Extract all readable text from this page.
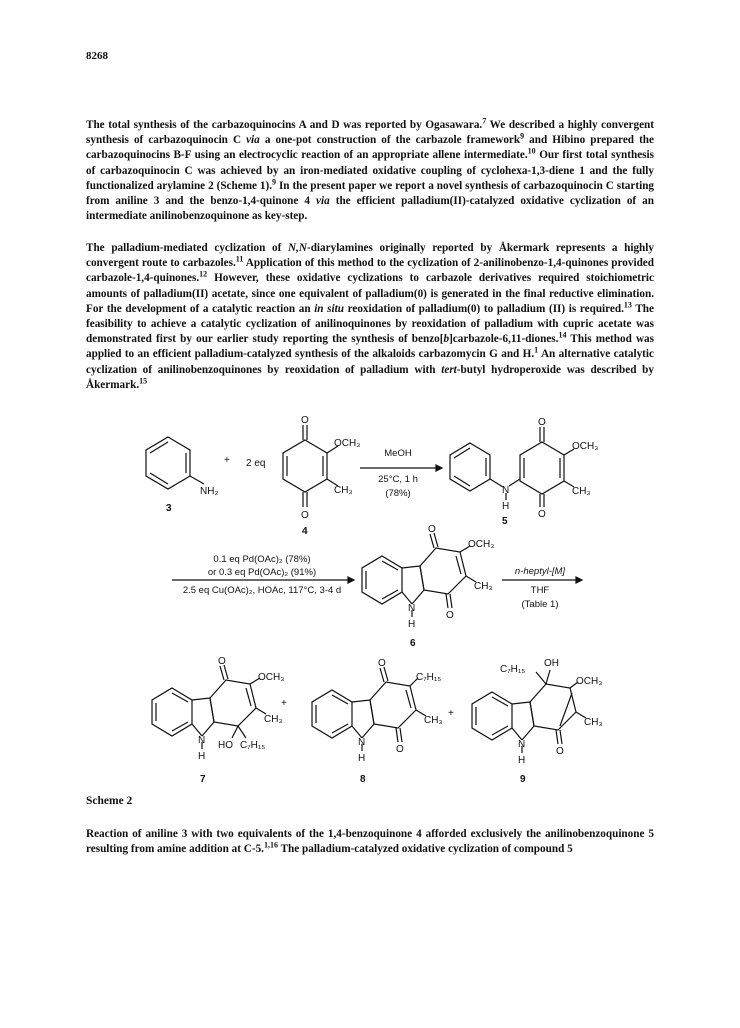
8268
The total synthesis of the carbazoquinocins A and D was reported by Ogasawara.$^7$ We described a highly convergent synthesis of carbazoquinocin C via a one-pot construction of the carbazole framework$^9$ and Hibino prepared the carbazoquinocins B-F using an electrocyclic reaction of an appropriate allene intermediate.$^{10}$ Our first total synthesis of carbazoquinocin C was achieved by an iron-mediated oxidative coupling of cyclohexa-1,3-diene 1 and the fully functionalized arylamine 2 (Scheme 1).$^9$ In the present paper we report a novel synthesis of carbazoquinocin C starting from aniline 3 and the benzo-1,4-quinone 4 via the efficient palladium(II)-catalyzed oxidative cyclization of an intermediate anilinobenzoquinone as key-step.
The palladium-mediated cyclization of N,N-diarylamines originally reported by Åkermark represents a highly convergent route to carbazoles.$^{11}$ Application of this method to the cyclization of 2-anilinobenzo-1,4-quinones provided carbazole-1,4-quinones.$^{12}$ However, these oxidative cyclizations to carbazole derivatives required stoichiometric amounts of palladium(II) acetate, since one equivalent of palladium(0) is generated in the final reductive elimination. For the development of a catalytic reaction an in situ reoxidation of palladium(0) to palladium (II) is required.$^{13}$ The feasibility to achieve a catalytic cyclization of anilinoquinones by reoxidation of palladium with cupric acetate was demonstrated first by our earlier study reporting the synthesis of benzo[b]carbazole-6,11-diones.$^{14}$ This method was applied to an efficient palladium-catalyzed synthesis of the alkaloids carbazomycin G and H.$^1$ An alternative catalytic cyclization of anilinobenzoquinones by reoxidation of palladium with tert-butyl hydroperoxide was described by Åkermark.$^{15}$
NH₂
+ 2 eq
3
O
O
OCH₃
CH₃
4
MeOH
25°C, 1 h
(78%)
O
O
N
H
OCH₃
CH₃
5
0.1 eq Pd(OAc)₂ (78%)
or 0.3 eq Pd(OAc)₂ (91%)
2.5 eq Cu(OAc)₂, HOAc, 117°C, 3-4 d
O
O
OCH₃
CH₃
N
H
6
n-heptyl-[M]
THF
(Table 1)
O
OCH₃
CH₃
HO C₇H₁₅
N
H
+
7
O
O
C₇H₁₅
CH₃
N
H
+
8
C₇H₁₅
OH
OCH₃
CH₃
O
N
H
9
Scheme 2
Reaction of aniline 3 with two equivalents of the 1,4-benzoquinone 4 afforded exclusively the anilinobenzoquinone 5 resulting from amine addition at C-5.$^{1,16}$ The palladium-catalyzed oxidative cyclization of compound 5
